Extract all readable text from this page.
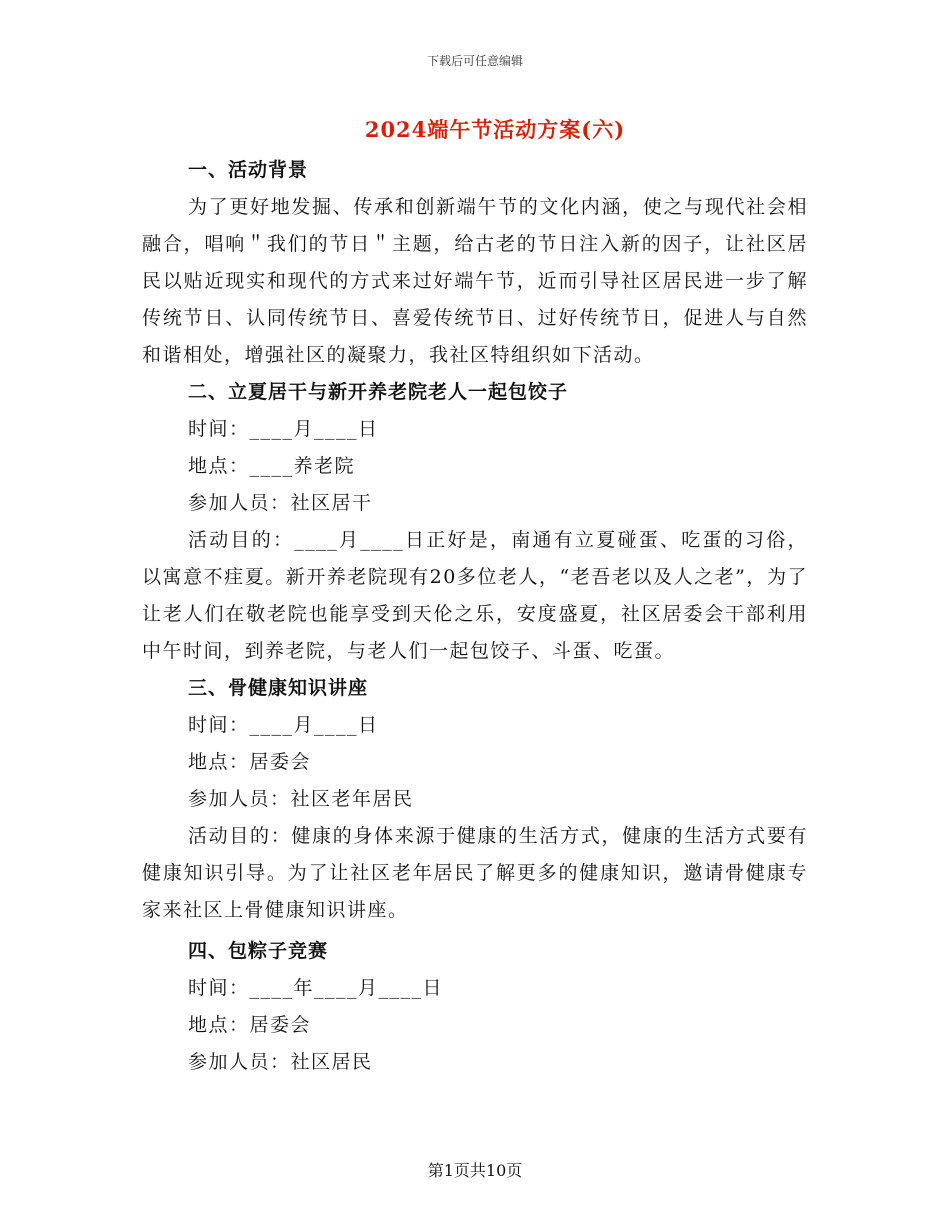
下载后可任意编辑
2024端午节活动方案(六)
一、活动背景
为了更好地发掘、传承和创新端午节的文化内涵，使之与现代社会相融合，唱响＂我们的节日＂主题，给古老的节日注入新的因子，让社区居民以贴近现实和现代的方式来过好端午节，近而引导社区居民进一步了解传统节日、认同传统节日、喜爱传统节日、过好传统节日，促进人与自然和谐相处，增强社区的凝聚力，我社区特组织如下活动。
二、立夏居干与新开养老院老人一起包饺子
时间：____月____日
地点：____养老院
参加人员：社区居干
活动目的：____月____日正好是，南通有立夏碰蛋、吃蛋的习俗，以寓意不疰夏。新开养老院现有20多位老人，“老吾老以及人之老”，为了让老人们在敬老院也能享受到天伦之乐，安度盛夏，社区居委会干部利用中午时间，到养老院，与老人们一起包饺子、斗蛋、吃蛋。
三、骨健康知识讲座
时间：____月____日
地点：居委会
参加人员：社区老年居民
活动目的：健康的身体来源于健康的生活方式，健康的生活方式要有健康知识引导。为了让社区老年居民了解更多的健康知识，邀请骨健康专家来社区上骨健康知识讲座。
四、包粽子竞赛
时间：____年____月____日
地点：居委会
参加人员：社区居民
第1页共10页
